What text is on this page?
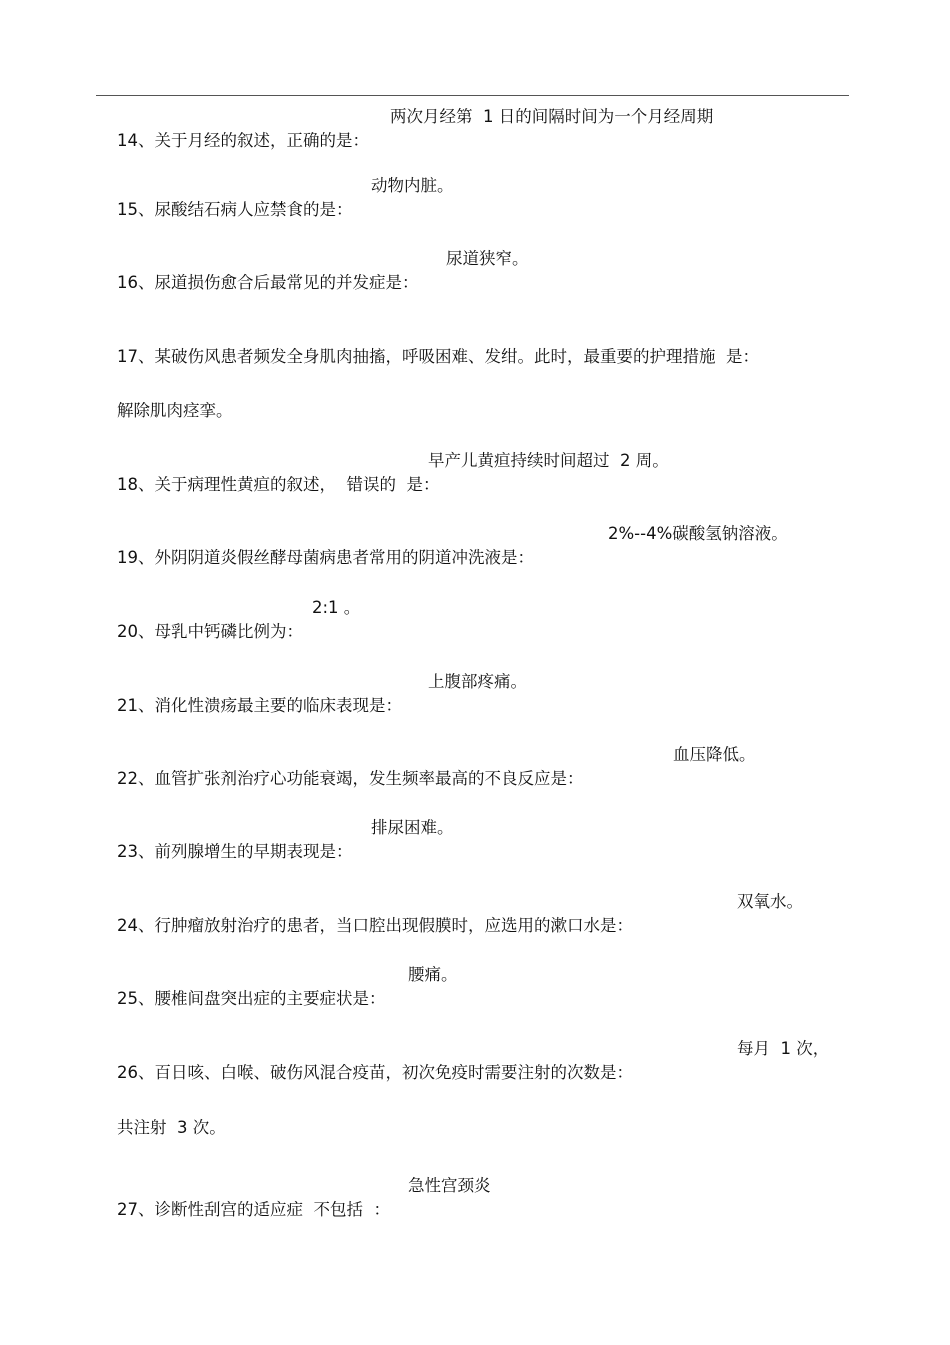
14、关于月经的叙述，正确的是：

两次月经第  1 日的间隔时间为一个月经周期

15、尿酸结石病人应禁食的是：

动物内脏。

16、尿道损伤愈合后最常见的并发症是：

尿道狭窄。

17、某破伤风患者频发全身肌肉抽搐，呼吸困难、发绀。此时，最重要的护理措施  是：

解除肌肉痉挛。

18、关于病理性黄疸的叙述，  错误的  是：

早产儿黄疸持续时间超过  2 周。

19、外阴阴道炎假丝酵母菌病患者常用的阴道冲洗液是：

2%--4%碳酸氢钠溶液。

20、母乳中钙磷比例为：

2:1 。

21、消化性溃疡最主要的临床表现是：

上腹部疼痛。

22、血管扩张剂治疗心功能衰竭，发生频率最高的不良反应是：

血压降低。

23、前列腺增生的早期表现是：

排尿困难。

24、行肿瘤放射治疗的患者，当口腔出现假膜时，应选用的漱口水是：

双氧水。

25、腰椎间盘突出症的主要症状是：

腰痛。

26、百日咳、白喉、破伤风混合疫苗，初次免疫时需要注射的次数是：

每月  1 次，

共注射  3 次。

27、诊断性刮宫的适应症  不包括  ：

急性宫颈炎
